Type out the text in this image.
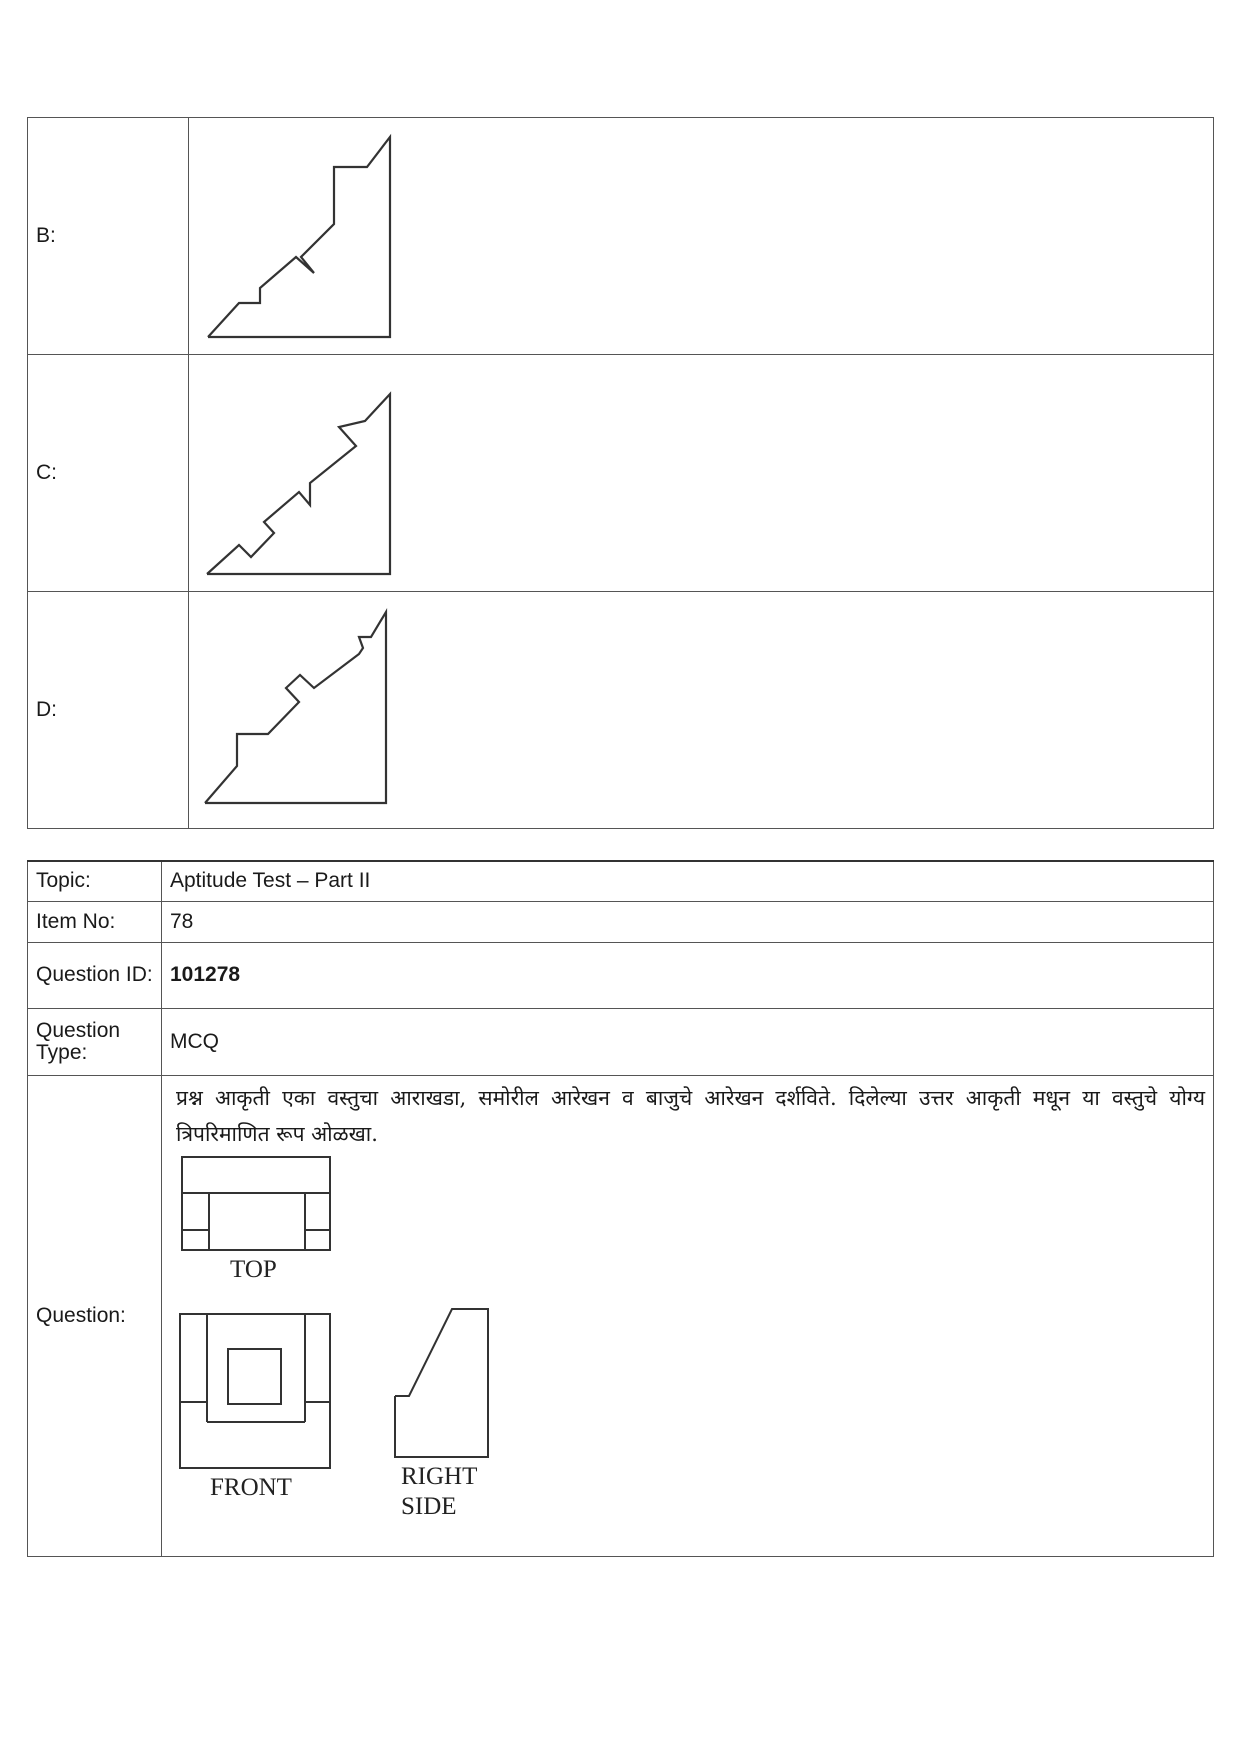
B:	

C:	

D:	
Topic:	Aptitude Test – Part II
Item No:	78
Question ID:	101278
Question Type:	MCQ
Question:	प्रश्न आकृती एका वस्तुचा आराखडा, समोरील आरेखन व बाजुचे आरेखन दर्शविते. दिलेल्या उत्तर आकृती मधून या वस्तुचे योग्य त्रिपरिमाणित रूप ओळखा.
TOP
FRONT RIGHT
SIDE
